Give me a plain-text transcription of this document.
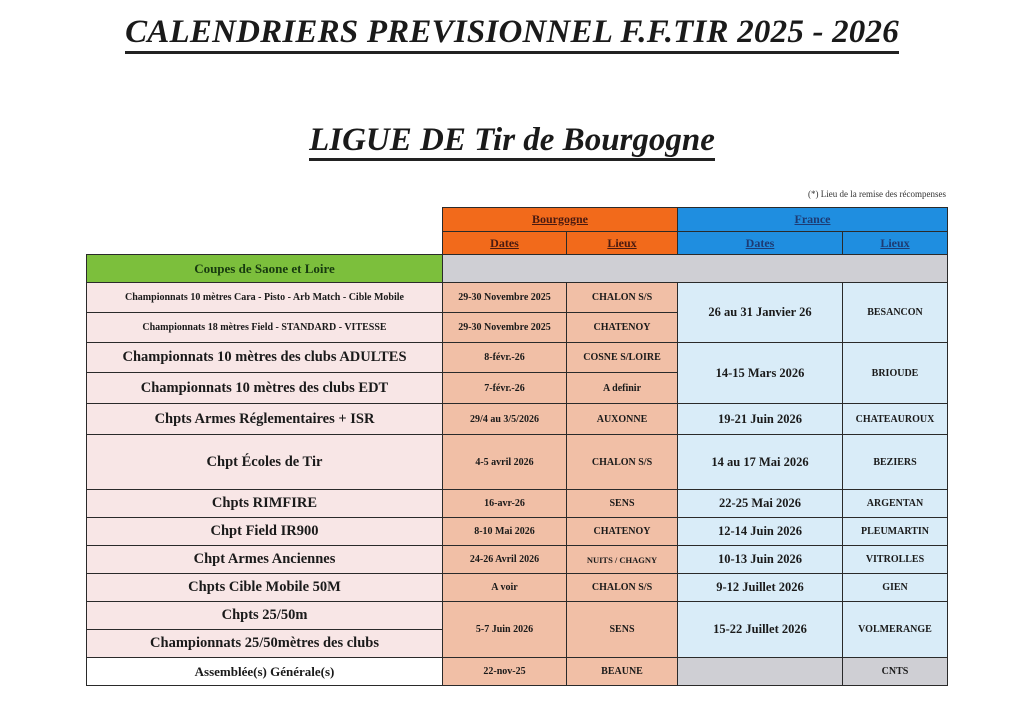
CALENDRIERS PREVISIONNEL F.F.TIR 2025 - 2026
LIGUE DE Tir de Bourgogne
(*) Lieu de la remise des récompenses
	Bourgogne		France	
	Dates	Lieux	Dates	Lieux
Coupes de Saone et Loire				
Championnats 10 mètres Cara - Pisto - Arb Match - Cible Mobile	29-30 Novembre 2025	CHALON S/S	26 au 31 Janvier 26	BESANCON
Championnats 18 mètres Field - STANDARD - VITESSE	29-30 Novembre 2025	CHATENOY		
Championnats 10 mètres des clubs ADULTES	8-févr.-26	COSNE S/LOIRE	14-15 Mars 2026	BRIOUDE
Championnats 10 mètres des clubs EDT	7-févr.-26	A definir		
Chpts Armes Réglementaires + ISR	29/4 au 3/5/2026	AUXONNE	19-21 Juin 2026	CHATEAUROUX
Chpt Écoles de Tir	4-5 avril 2026	CHALON S/S	14 au 17 Mai 2026	BEZIERS
Chpts RIMFIRE	16-avr-26	SENS	22-25 Mai 2026	ARGENTAN
Chpt Field IR900	8-10 Mai 2026	CHATENOY	12-14 Juin 2026	PLEUMARTIN
Chpt Armes Anciennes	24-26 Avril 2026	NUITS / CHAGNY	10-13 Juin 2026	VITROLLES
Chpts Cible Mobile 50M	A voir	CHALON S/S	9-12 Juillet 2026	GIEN
Chpts 25/50m	5-7 Juin 2026	SENS	15-22 Juillet 2026	VOLMERANGE
Championnats 25/50mètres des clubs				
Assemblée(s) Générale(s)	22-nov-25	BEAUNE		CNTS
